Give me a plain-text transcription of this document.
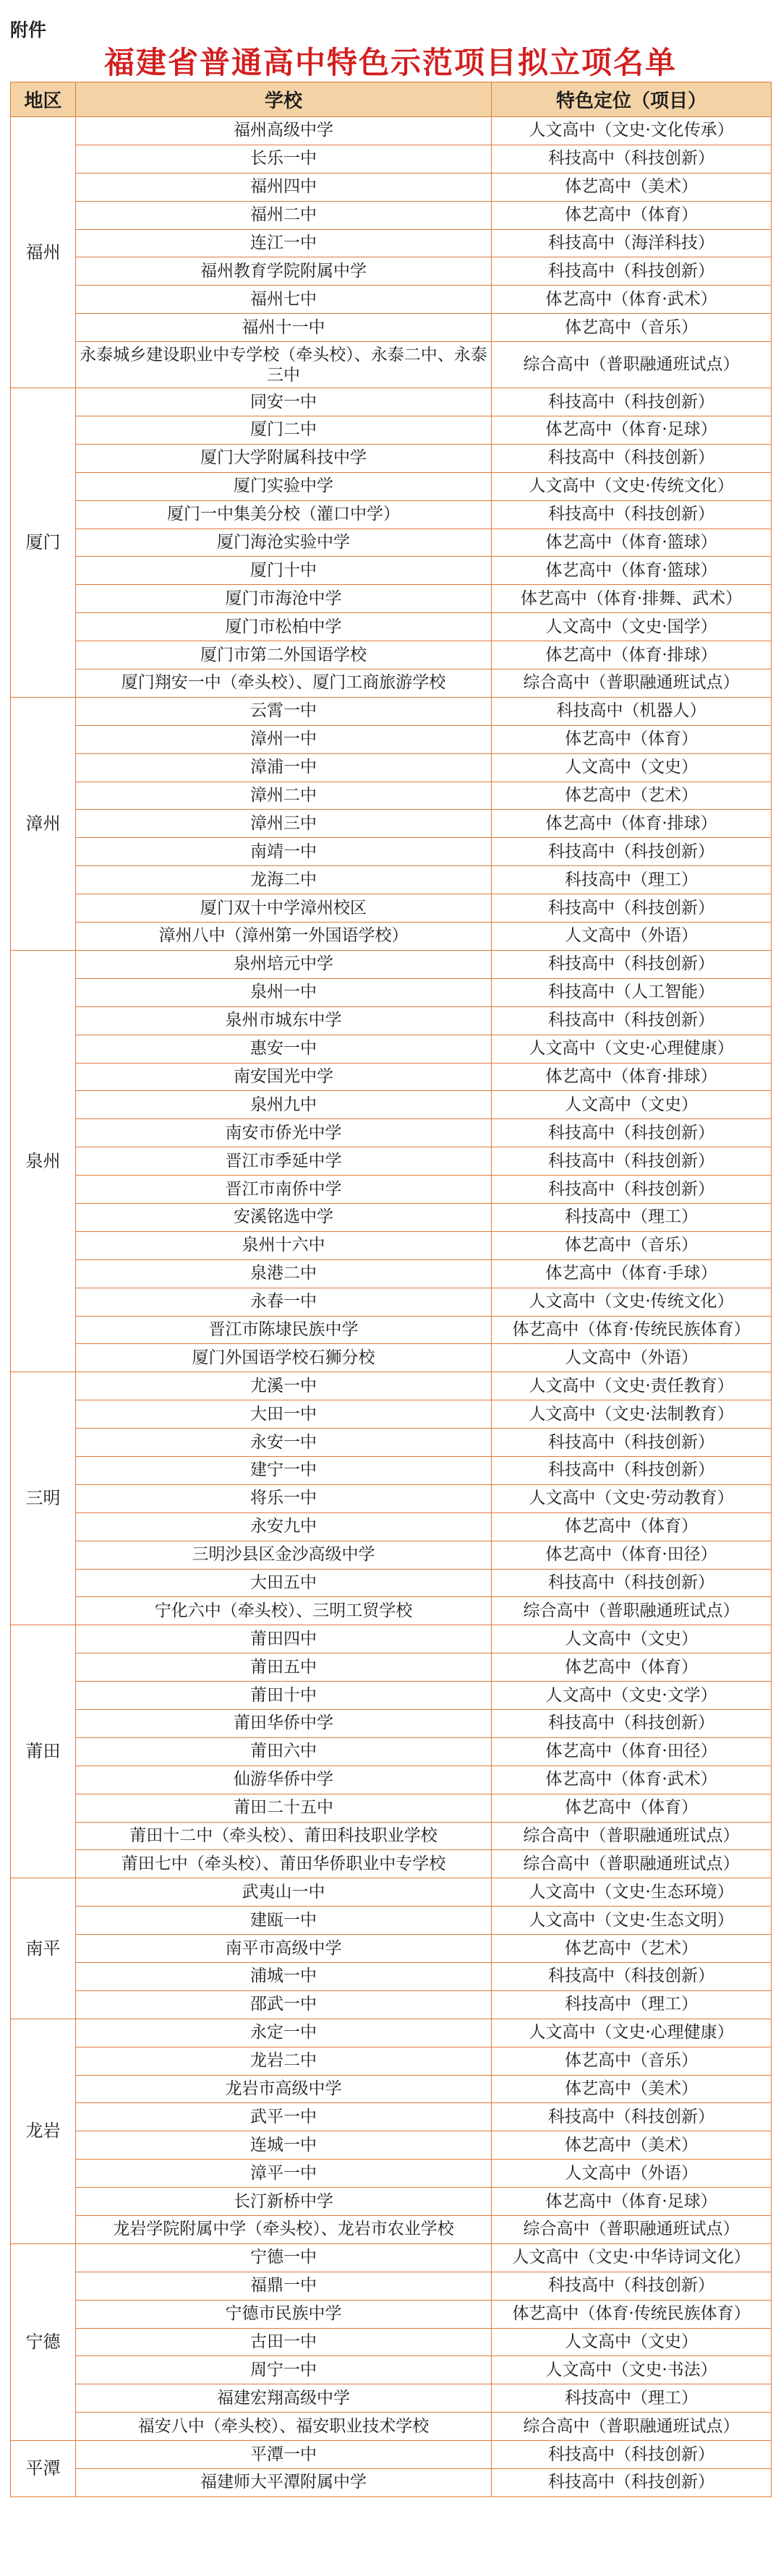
附件
福建省普通高中特色示范项目拟立项名单
地区	学校	特色定位（项目）
福州	福州高级中学	人文高中（文史·文化传承）
	长乐一中	科技高中（科技创新）
	福州四中	体艺高中（美术）
	福州二中	体艺高中（体育）
	连江一中	科技高中（海洋科技）
	福州教育学院附属中学	科技高中（科技创新）
	福州七中	体艺高中（体育·武术）
	福州十一中	体艺高中（音乐）
	永泰城乡建设职业中专学校（牵头校）、永泰二中、永泰三中	综合高中（普职融通班试点）
厦门	同安一中	科技高中（科技创新）
	厦门二中	体艺高中（体育·足球）
	厦门大学附属科技中学	科技高中（科技创新）
	厦门实验中学	人文高中（文史·传统文化）
	厦门一中集美分校（灌口中学）	科技高中（科技创新）
	厦门海沧实验中学	体艺高中（体育·篮球）
	厦门十中	体艺高中（体育·篮球）
	厦门市海沧中学	体艺高中（体育·排舞、武术）
	厦门市松柏中学	人文高中（文史·国学）
	厦门市第二外国语学校	体艺高中（体育·排球）
	厦门翔安一中（牵头校）、厦门工商旅游学校	综合高中（普职融通班试点）
漳州	云霄一中	科技高中（机器人）
	漳州一中	体艺高中（体育）
	漳浦一中	人文高中（文史）
	漳州二中	体艺高中（艺术）
	漳州三中	体艺高中（体育·排球）
	南靖一中	科技高中（科技创新）
	龙海二中	科技高中（理工）
	厦门双十中学漳州校区	科技高中（科技创新）
	漳州八中（漳州第一外国语学校）	人文高中（外语）
泉州	泉州培元中学	科技高中（科技创新）
	泉州一中	科技高中（人工智能）
	泉州市城东中学	科技高中（科技创新）
	惠安一中	人文高中（文史·心理健康）
	南安国光中学	体艺高中（体育·排球）
	泉州九中	人文高中（文史）
	南安市侨光中学	科技高中（科技创新）
	晋江市季延中学	科技高中（科技创新）
	晋江市南侨中学	科技高中（科技创新）
	安溪铭选中学	科技高中（理工）
	泉州十六中	体艺高中（音乐）
	泉港二中	体艺高中（体育·手球）
	永春一中	人文高中（文史·传统文化）
	晋江市陈埭民族中学	体艺高中（体育·传统民族体育）
	厦门外国语学校石狮分校	人文高中（外语）
三明	尤溪一中	人文高中（文史·责任教育）
	大田一中	人文高中（文史·法制教育）
	永安一中	科技高中（科技创新）
	建宁一中	科技高中（科技创新）
	将乐一中	人文高中（文史·劳动教育）
	永安九中	体艺高中（体育）
	三明沙县区金沙高级中学	体艺高中（体育·田径）
	大田五中	科技高中（科技创新）
	宁化六中（牵头校）、三明工贸学校	综合高中（普职融通班试点）
莆田	莆田四中	人文高中（文史）
	莆田五中	体艺高中（体育）
	莆田十中	人文高中（文史·文学）
	莆田华侨中学	科技高中（科技创新）
	莆田六中	体艺高中（体育·田径）
	仙游华侨中学	体艺高中（体育·武术）
	莆田二十五中	体艺高中（体育）
	莆田十二中（牵头校）、莆田科技职业学校	综合高中（普职融通班试点）
	莆田七中（牵头校）、莆田华侨职业中专学校	综合高中（普职融通班试点）
南平	武夷山一中	人文高中（文史·生态环境）
	建瓯一中	人文高中（文史·生态文明）
	南平市高级中学	体艺高中（艺术）
	浦城一中	科技高中（科技创新）
	邵武一中	科技高中（理工）
龙岩	永定一中	人文高中（文史·心理健康）
	龙岩二中	体艺高中（音乐）
	龙岩市高级中学	体艺高中（美术）
	武平一中	科技高中（科技创新）
	连城一中	体艺高中（美术）
	漳平一中	人文高中（外语）
	长汀新桥中学	体艺高中（体育·足球）
	龙岩学院附属中学（牵头校）、龙岩市农业学校	综合高中（普职融通班试点）
宁德	宁德一中	人文高中（文史·中华诗词文化）
	福鼎一中	科技高中（科技创新）
	宁德市民族中学	体艺高中（体育·传统民族体育）
	古田一中	人文高中（文史）
	周宁一中	人文高中（文史·书法）
	福建宏翔高级中学	科技高中（理工）
	福安八中（牵头校）、福安职业技术学校	综合高中（普职融通班试点）
平潭	平潭一中	科技高中（科技创新）
	福建师大平潭附属中学	科技高中（科技创新）
